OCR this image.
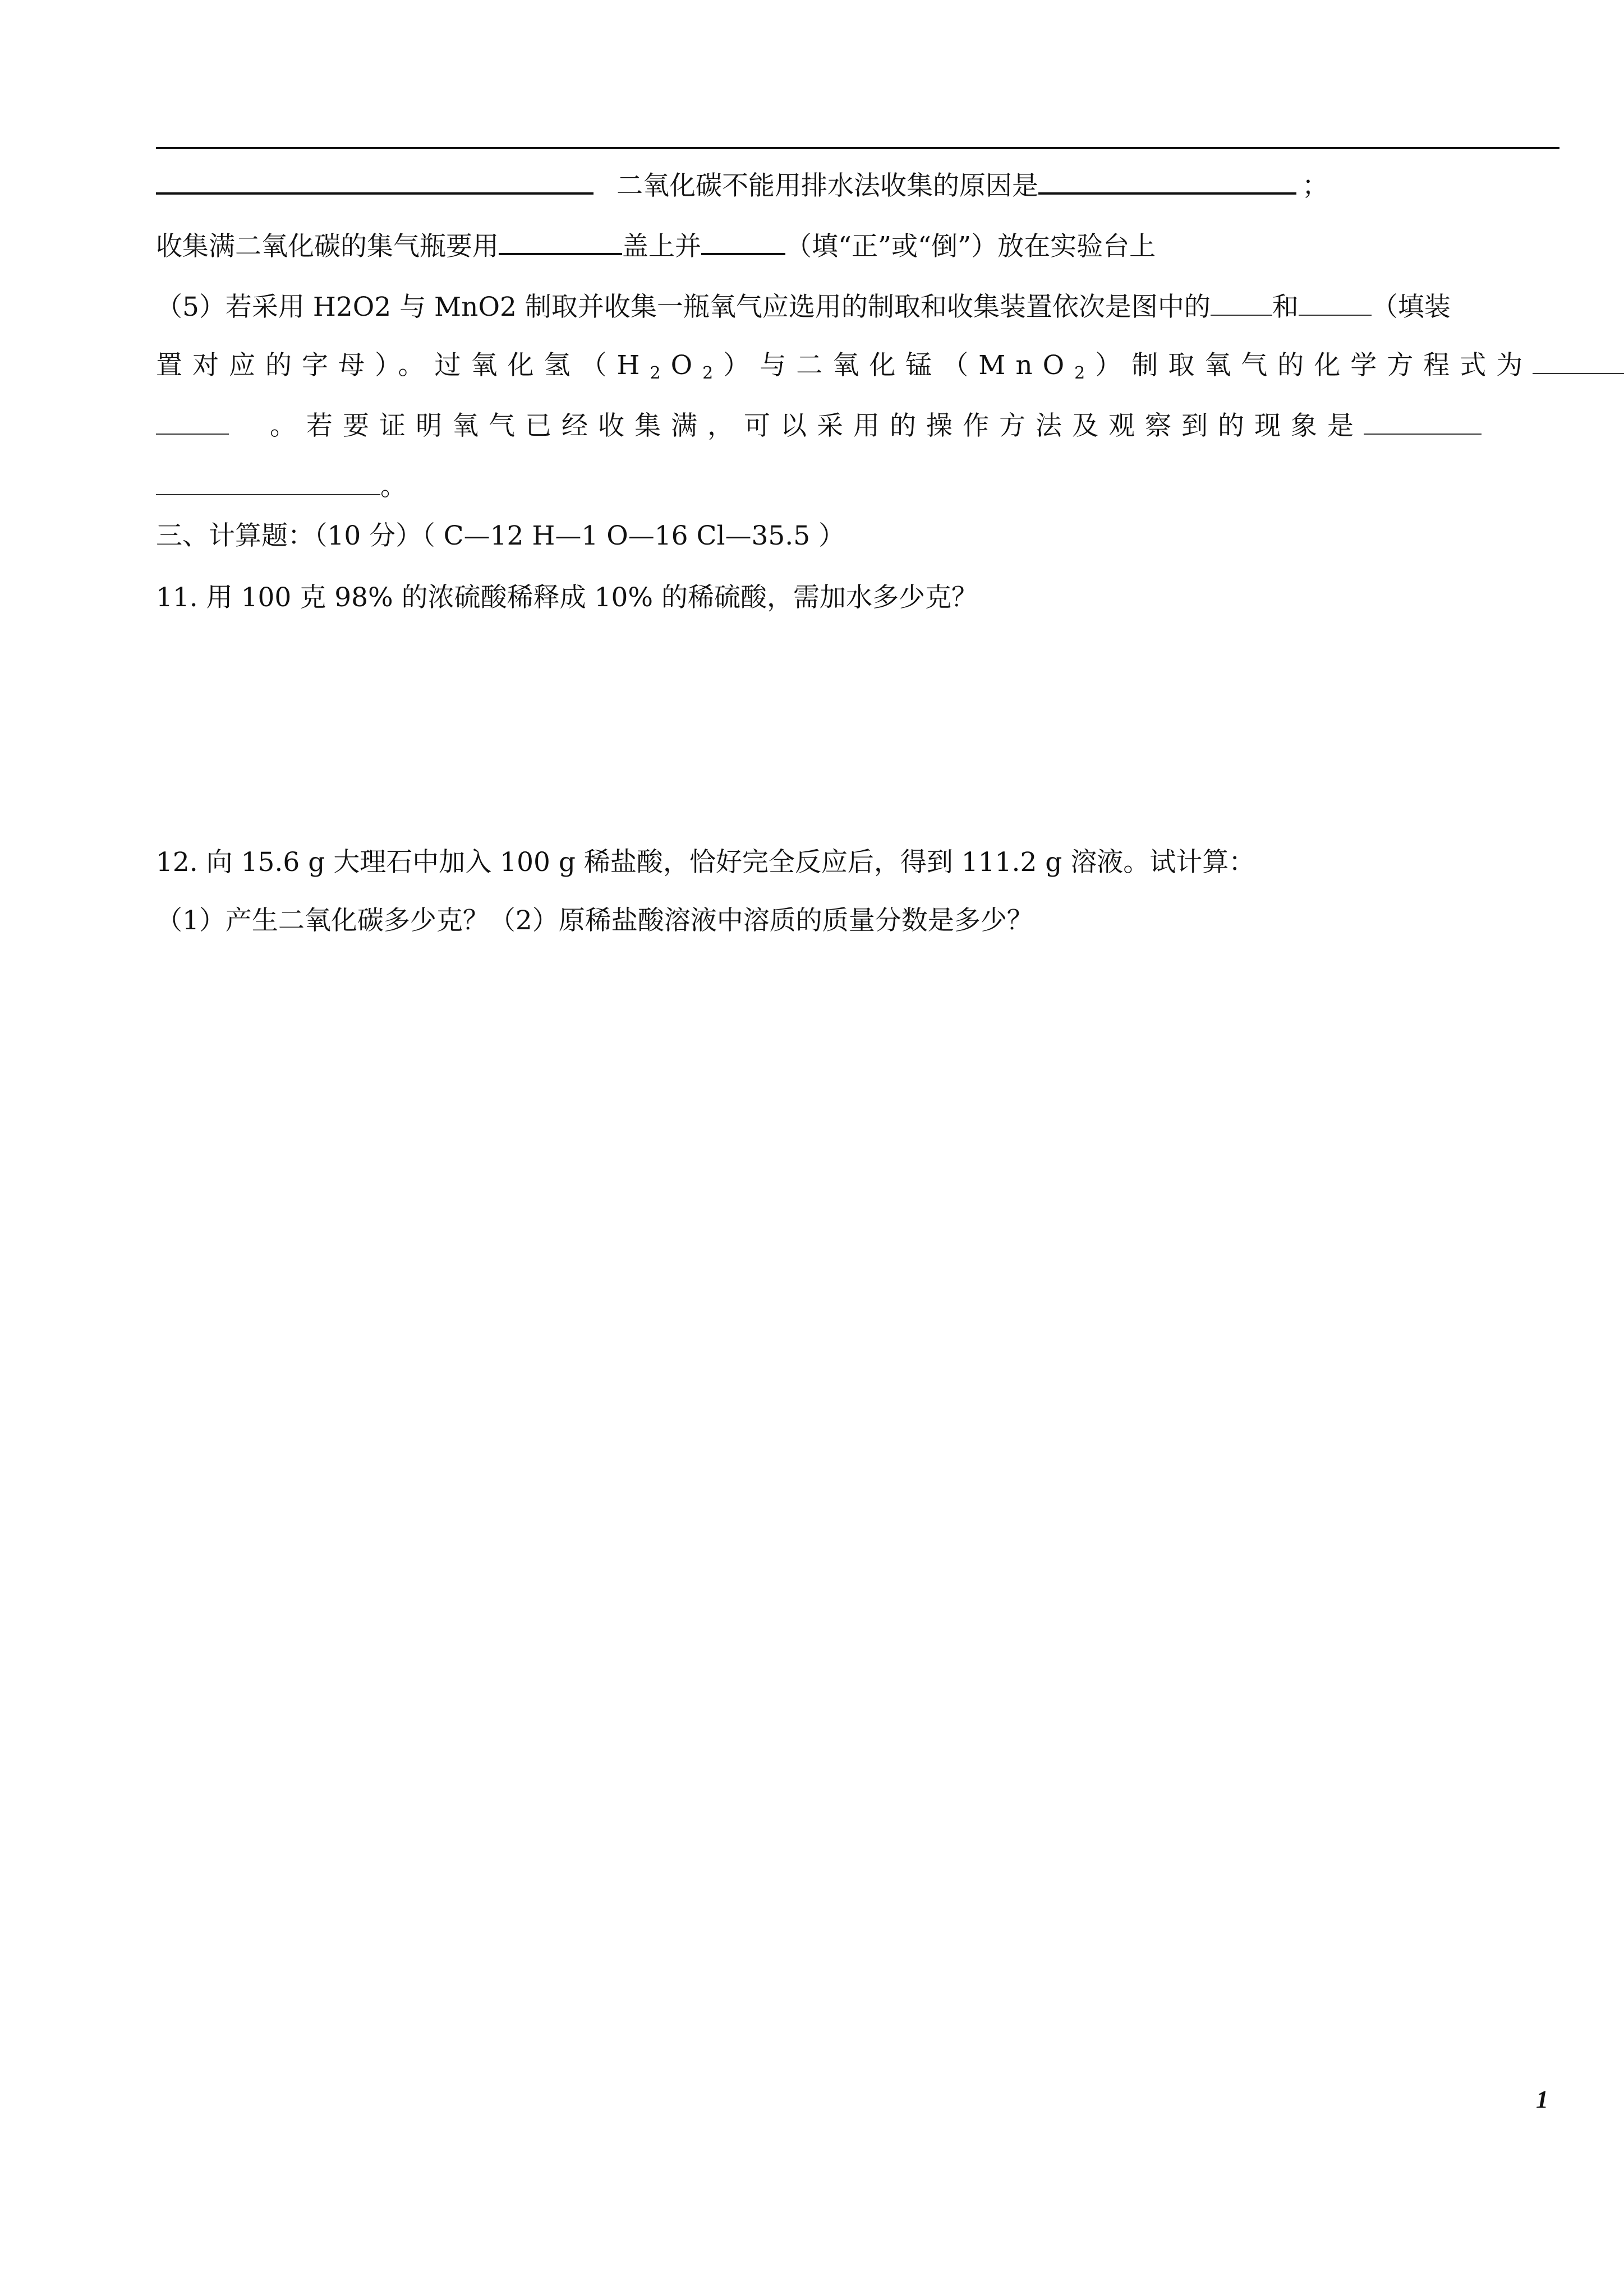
二氧化碳不能用排水法收集的原因是	；
收集满二氧化碳的集气瓶要用	盖上并	（填“正”或“倒”）放在实验台上
（5）若采用 H2O2 与 MnO2 制取并收集一瓶氧气应选用的制取和收集装置依次是图中的 和	（填装
置对应的字母）。过氧化氢$(H_2O_2)$与二氧化锰（MnO$_2$）制取氧气的化学方程式为
。若要证明氧气已经收集满，可以采用的操作方法及观察到的现象是
。
三、计算题：（10 分）（ C—12 H—1 O—16 Cl—35.5 ）
11. 用 100 克 98% 的浓硫酸稀释成 10% 的稀硫酸，需加水多少克？
12. 向 15.6 g 大理石中加入 100 g 稀盐酸，恰好完全反应后，得到 111.2 g 溶液。试计算：
（1）产生二氧化碳多少克？（2）原稀盐酸溶液中溶质的质量分数是多少？
1
